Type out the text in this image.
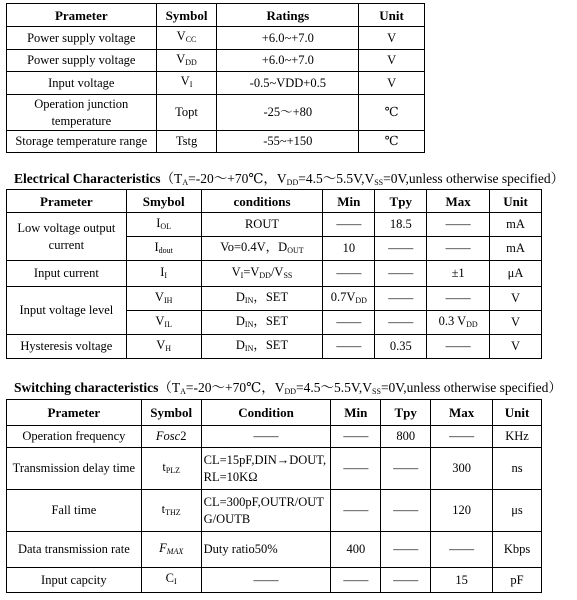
Prameter	Symbol	Ratings	Unit
Power supply voltage	$V_{CC}$	+6.0~+7.0	V
Power supply voltage	$V_{DD}$	+6.0~+7.0	V
Input voltage	$V_I$	-0.5~VDD+0.5	V
Operation junction temperature	Topt	-25～+80	℃
Storage temperature range	Tstg	-55~+150	℃
Electrical $Characteristics(T_A=-20\sim+70℃$，$V_{DD}=4.5\sim 5.5V,V_{SS}=0V,unless$ otherwise specified）
Prameter	Smybol	conditions	Min	Tpy	Max	Unit
Low voltage output current	$I_{OL}$	ROUT	——	18.5	——	mA
	$I_{dout}$	Vo=0.4V，$D_{OUT}$	10	——	——	mA
Input current	$I_I$	$V_I=V_{DD}/V_{SS}$	——	——	±1	μA
Input voltage level	$V_{IH}$	$D_{IN}$，SET	$0.7V_{DD}$	——	——	V
	$V_{IL}$	$D_{IN}$，SET	——	——	0.3 $V_{DD}$	V
Hysteresis voltage	$V_H$	$D_{IN}$，SET	——	0.35	——	V
Switching $characteristics(T_A=-20\sim+70℃$，$V_{DD}=4.5\sim 5.5V,V_{SS}=0V,unless$ otherwise specified）
Prameter	Symbol	Condition	Min	Tpy	Max	Unit
Operation frequency	Fosc2	——	——	800	——	KHz
Transmission delay time	$t_{PLZ}$	CL=15pF,DIN→DOUT,RL=10KΩ	——	——	300	ns
Fall time	$t_{THZ}$	CL=300pF,OUTR/OUTG/OUTB	——	——	120	μs
Data transmission rate	$F_{MAX}$	Duty ratio50%	400	——	——	Kbps
Input capcity	$C_I$	——	——	——	15	pF
